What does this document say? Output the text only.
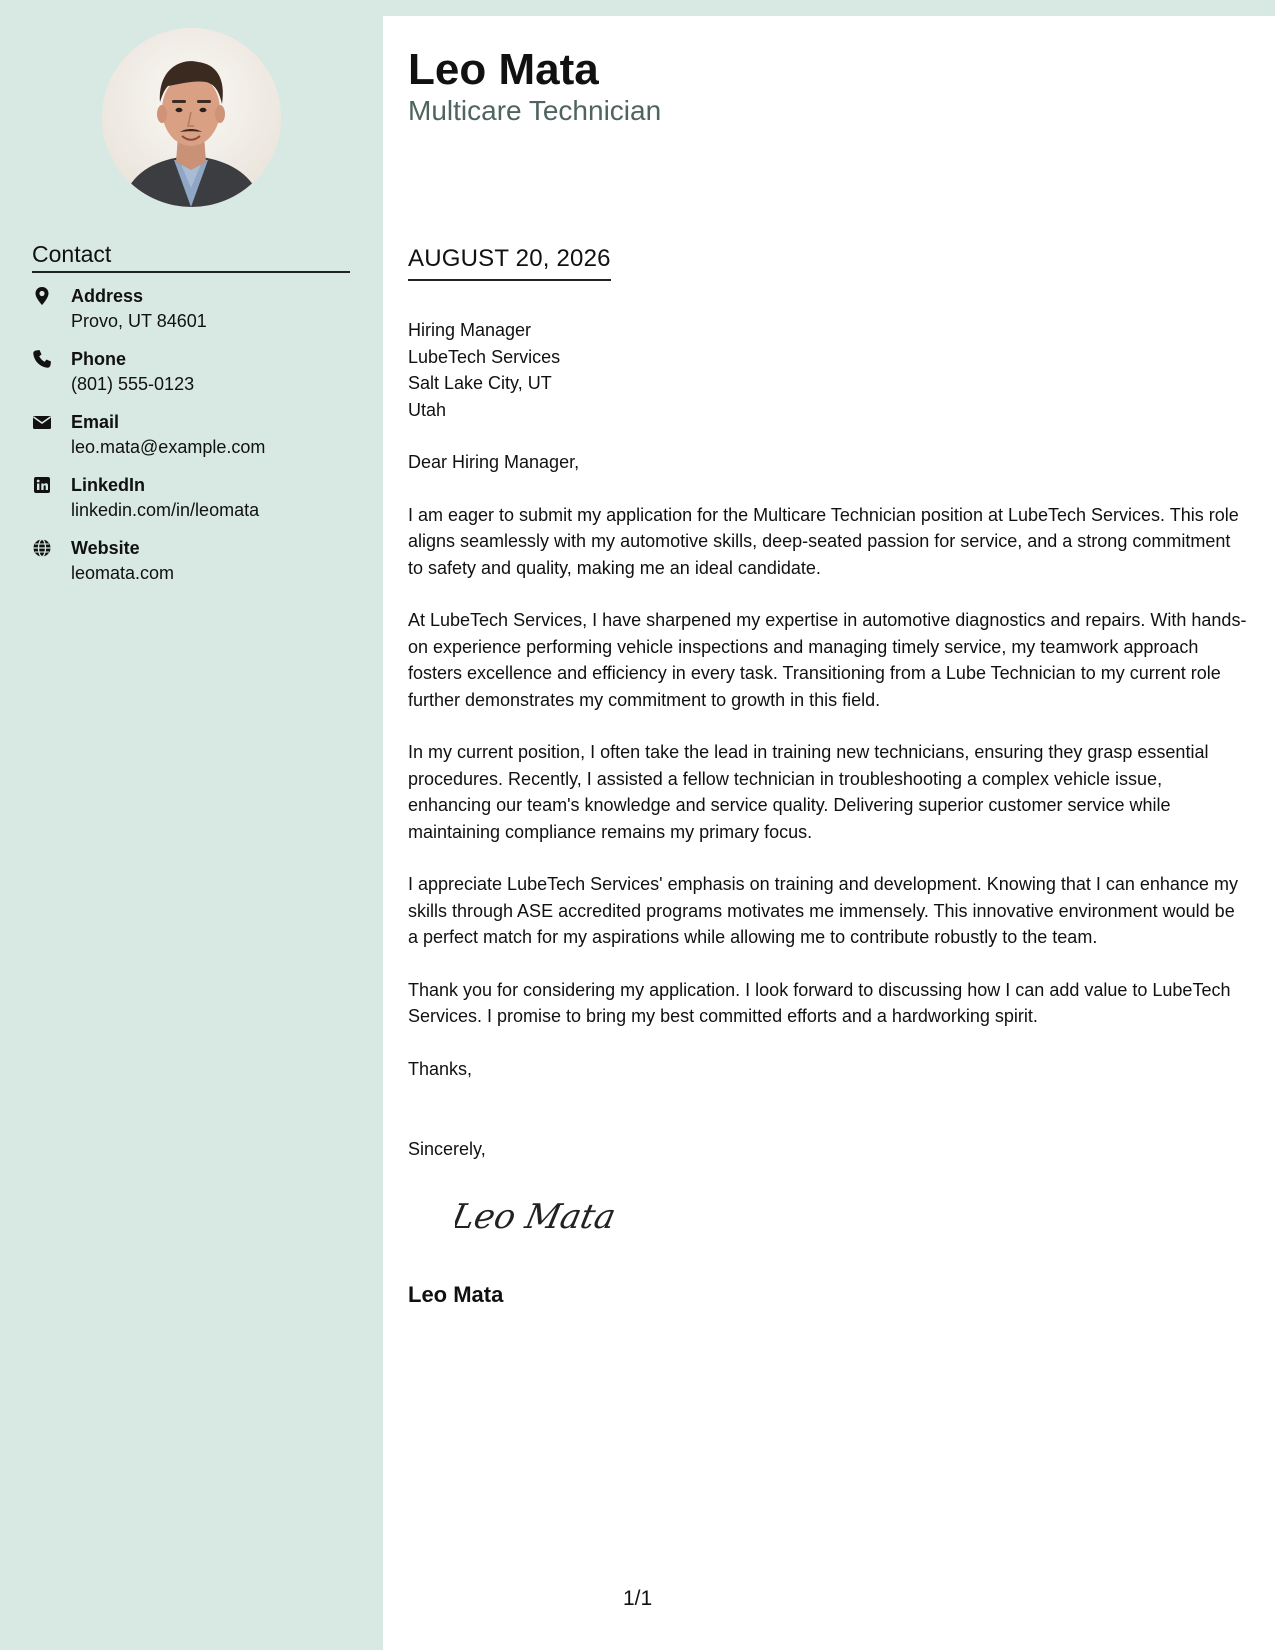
Contact
Address
Provo, UT 84601
Phone
(801) 555-0123
Email
leo.mata@example.com
LinkedIn
linkedin.com/in/leomata
Website
leomata.com
Leo Mata
Multicare Technician
AUGUST 20, 2026
Hiring Manager
LubeTech Services
Salt Lake City, UT
Utah

Dear Hiring Manager,

I am eager to submit my application for the Multicare Technician position at LubeTech Services. This role aligns seamlessly with my automotive skills, deep-seated passion for service, and a strong commitment to safety and quality, making me an ideal candidate.

At LubeTech Services, I have sharpened my expertise in automotive diagnostics and repairs. With hands-on experience performing vehicle inspections and managing timely service, my teamwork approach fosters excellence and efficiency in every task. Transitioning from a Lube Technician to my current role further demonstrates my commitment to growth in this field.

In my current position, I often take the lead in training new technicians, ensuring they grasp essential procedures. Recently, I assisted a fellow technician in troubleshooting a complex vehicle issue, enhancing our team's knowledge and service quality. Delivering superior customer service while maintaining compliance remains my primary focus.

I appreciate LubeTech Services' emphasis on training and development. Knowing that I can enhance my skills through ASE accredited programs motivates me immensely. This innovative environment would be a perfect match for my aspirations while allowing me to contribute robustly to the team.

Thank you for considering my application. I look forward to discussing how I can add value to LubeTech Services. I promise to bring my best committed efforts and a hardworking spirit.

Thanks,
Sincerely,
Leo Mata
Leo Mata
1/1
